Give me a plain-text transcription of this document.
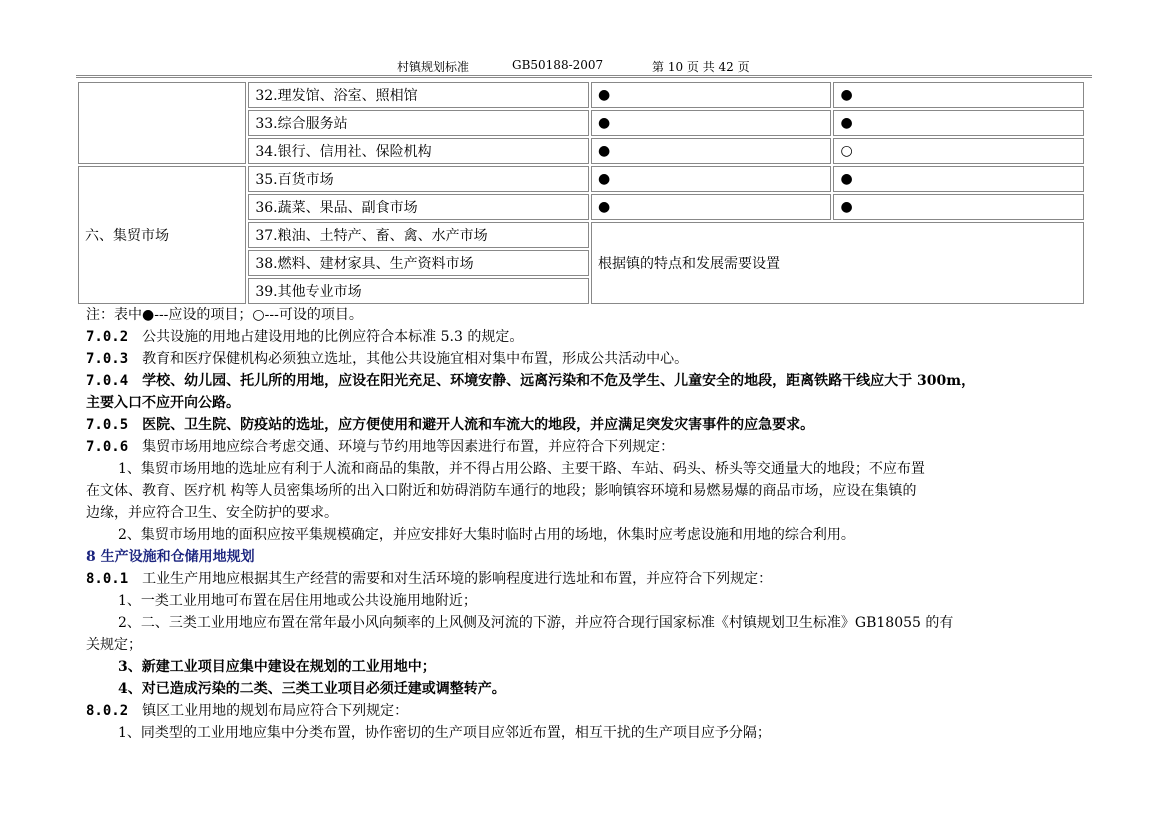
村镇规划标准	GB50188-2007	第 10 页 共 42 页
	32.理发馆、浴室、照相馆	●	●
	33.综合服务站	●	●
	34.银行、信用社、保险机构	●	○
六、集贸市场	35.百货市场	●	●
	36.蔬菜、果品、副食市场	●	●
	37.粮油、土特产、畜、禽、水产市场	根据镇的特点和发展需要设置	
	38.燃料、建材家具、生产资料市场		
	39.其他专业市场		

注：表中●---应设的项目；○---可设的项目。

7.0.2　 公共设施的用地占建设用地的比例应符合本标准 5.3 的规定。

7.0.3　 教育和医疗保健机构必须独立选址，其他公共设施宜相对集中布置，形成公共活动中心。

7.0.4　 学校、幼儿园、托儿所的用地，应设在阳光充足、环境安静、远离污染和不危及学生、儿童安全的地段，距离铁路干线应大于 300m，

主要入口不应开向公路。

7.0.5　 医院、卫生院、防疫站的选址，应方便使用和避开人流和车流大的地段，并应满足突发灾害事件的应急要求。

7.0.6　 集贸市场用地应综合考虑交通、环境与节约用地等因素进行布置，并应符合下列规定：

1、集贸市场用地的选址应有利于人流和商品的集散，并不得占用公路、主要干路、车站、码头、桥头等交通量大的地段；不应布置

在文体、教育、医疗机 构等人员密集场所的出入口附近和妨碍消防车通行的地段；影响镇容环境和易燃易爆的商品市场，应设在集镇的

边缘，并应符合卫生、安全防护的要求。

2、集贸市场用地的面积应按平集规模确定，并应安排好大集时临时占用的场地，休集时应考虑设施和用地的综合利用。

8 生产设施和仓储用地规划

8.0.1　 工业生产用地应根据其生产经营的需要和对生活环境的影响程度进行选址和布置，并应符合下列规定：

1、一类工业用地可布置在居住用地或公共设施用地附近；

2、二、三类工业用地应布置在常年最小风向频率的上风侧及河流的下游，并应符合现行国家标准《村镇规划卫生标准》GB18055 的有

关规定；

3、新建工业项目应集中建设在规划的工业用地中；

4、对已造成污染的二类、三类工业项目必须迁建或调整转产。

8.0.2　 镇区工业用地的规划布局应符合下列规定：

1、同类型的工业用地应集中分类布置，协作密切的生产项目应邻近布置，相互干扰的生产项目应予分隔；
